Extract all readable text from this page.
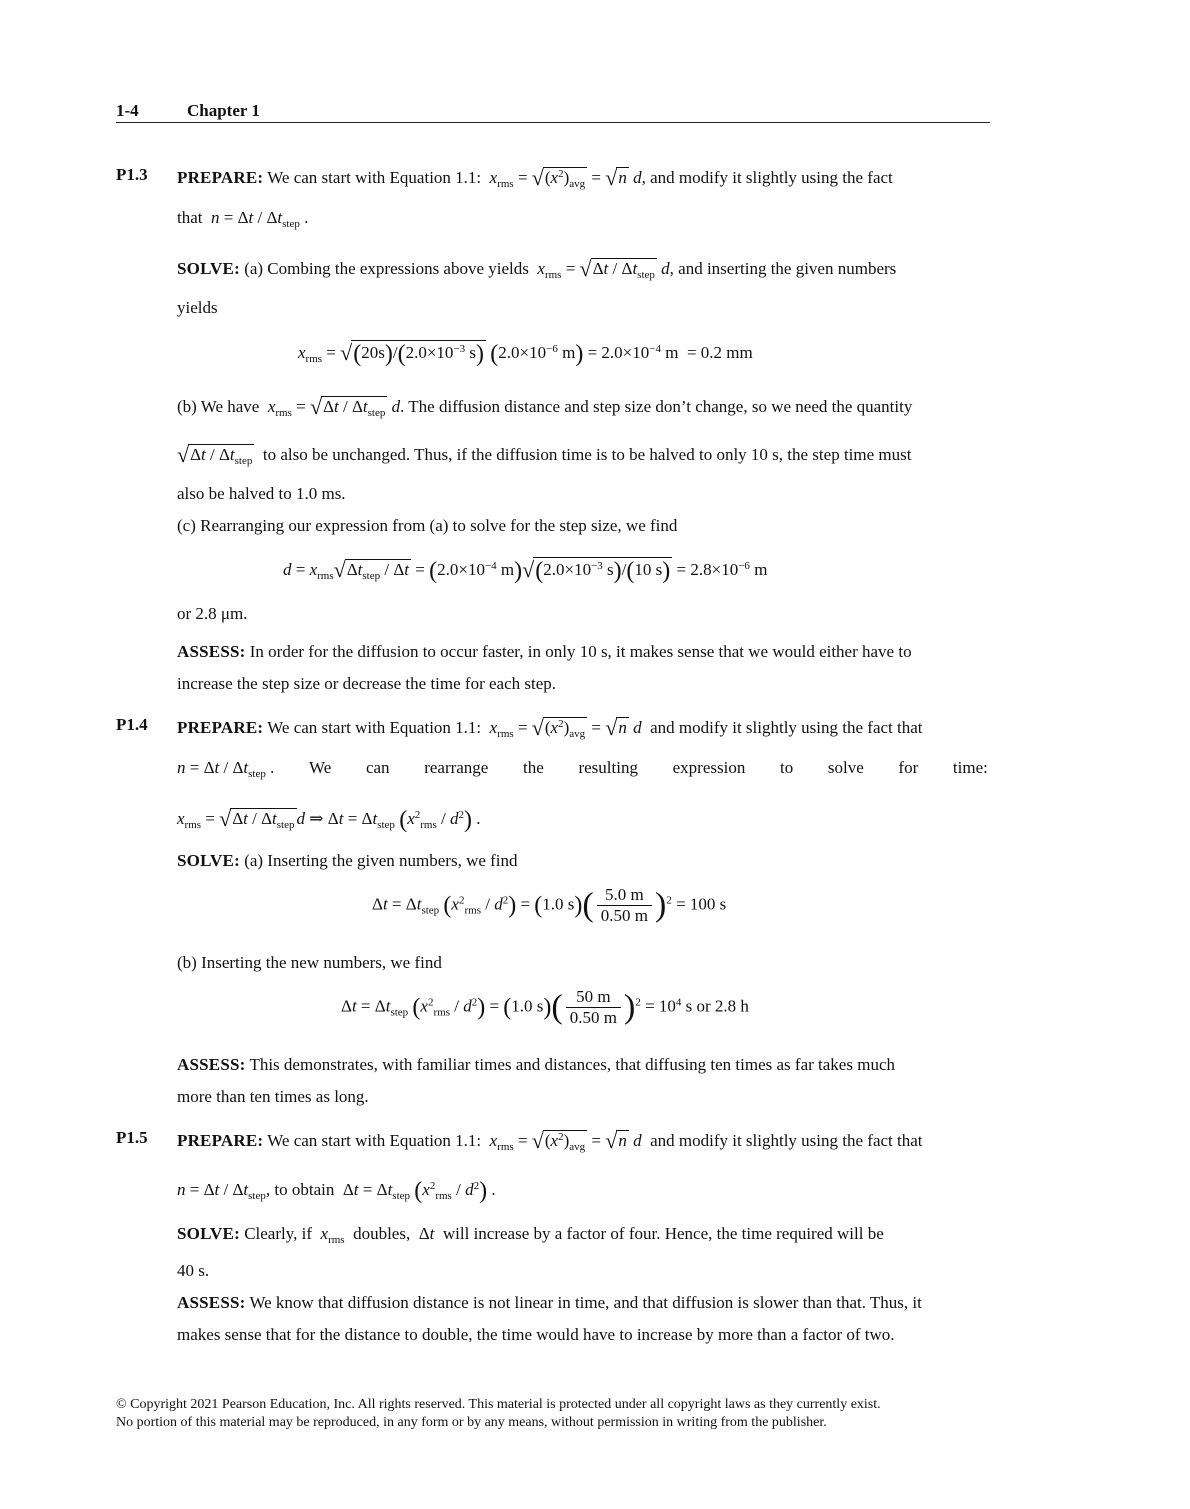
1-4	Chapter 1
P1.3 PREPARE: We can start with Equation 1.1: $x_{rms} = √(x^2)_{avg} = √n$ d, and modify it slightly using the fact
that $n = \Delta t / \Delta t_{step}$ .
SOLVE: (a) Combing the expressions above yields $x_{rms} = √\Delta t / \Delta t_{step}$ d, and inserting the given numbers
yields
$x_{rms} = √(20s)/(2.0\times 10^{-3}$ s) ($2.0\times 10^{-6}$ $m) = 2.0\times 10^{-4}$ m  = 0.2 mm
(b) We have $x_{rms} = √\Delta t / \Delta t_{step}$ d. The diffusion distance and step size don’t change, so we need the quantity
$√\Delta t / \Delta t_{step}$ to also be unchanged. Thus, if the diffusion time is to be halved to only 10 s, the step time must
also be halved to 1.0 ms.
(c) Rearranging our expression from (a) to solve for the step size, we find
$d = x_{rms}√\Delta t_{step} / \Delta t = (2.0\times 10^{-4}$ $m)√(2.0\times 10^{-3}$ s)/(10 $s) = 2.8\times 10^{-6}$ m
or 2.8 μm.
ASSESS: In order for the diffusion to occur faster, in only 10 s, it makes sense that we would either have to
increase the step size or decrease the time for each step.
P1.4 PREPARE: We can start with Equation 1.1: $x_{rms} = √(x^2)_{avg} = √n$ d and modify it slightly using the fact that
$n = \Delta t / \Delta t_{step}$ . We can rearrange the resulting expression to solve for time:
$x_{rms} = √\Delta t / \Delta t_{step}$ d ⇒ $\Delta t = \Delta t_{step}$ $(x^2_{rms} / d^2)$ .
SOLVE: (a) Inserting the given numbers, we find
$\Delta t = \Delta t_{step}$ $(x^2_{rms} / d^2) = (1.0$ $s)( \frac{5.0 m}{0.50 m} )^2 = 100$ s
(b) Inserting the new numbers, we find
$\Delta t = \Delta t_{step}$ $(x^2_{rms} / d^2) = (1.0$ $s)( \frac{50 m}{0.50 m} )^2 = 10^4$ s or 2.8 h
ASSESS: This demonstrates, with familiar times and distances, that diffusing ten times as far takes much
more than ten times as long.
P1.5 PREPARE: We can start with Equation 1.1: $x_{rms} = √(x^2)_{avg} = √n$ d and modify it slightly using the fact that
$n = \Delta t / \Delta t_{step}$, to obtain  $\Delta t = \Delta t_{step}$ $(x^2_{rms} / d^2)$ .
SOLVE: Clearly, if $x_{rms}$ doubles,  Δt will increase by a factor of four. Hence, the time required will be
40 s.
ASSESS: We know that diffusion distance is not linear in time, and that diffusion is slower than that. Thus, it
makes sense that for the distance to double, the time would have to increase by more than a factor of two.
© Copyright 2021 Pearson Education, Inc. All rights reserved. This material is protected under all copyright laws as they currently exist.
No portion of this material may be reproduced, in any form or by any means, without permission in writing from the publisher.
